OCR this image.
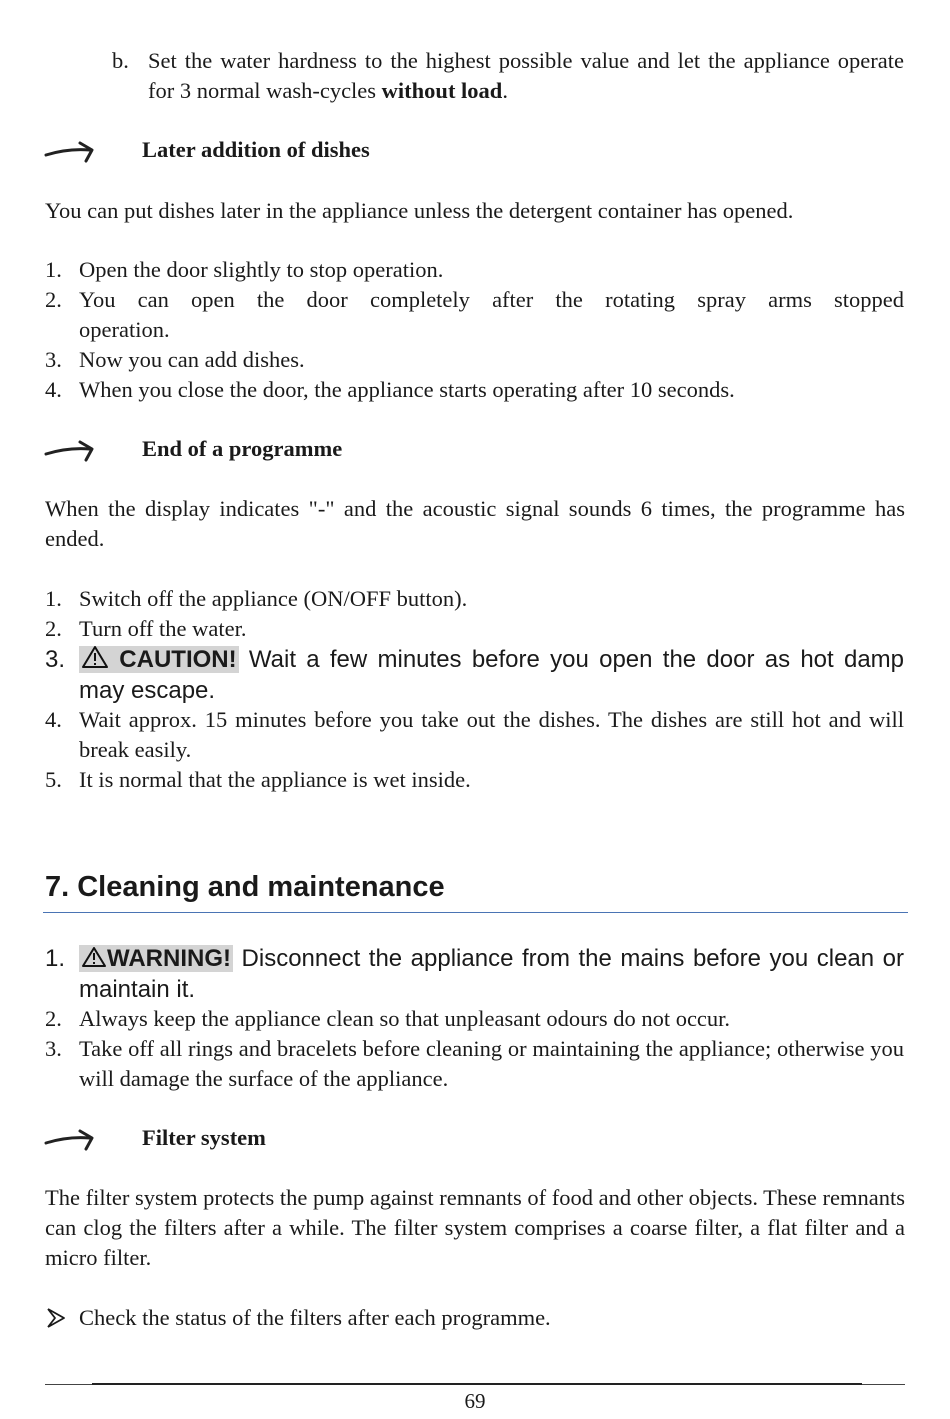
b. Set the water hardness to the highest possible value and let the appliance operate for 3 normal wash-cycles without load.
Later addition of dishes
You can put dishes later in the appliance unless the detergent container has opened.
1. Open the door slightly to stop operation.
2. You can open the door completely after the rotating spray arms stopped operation.
3. Now you can add dishes.
4. When you close the door, the appliance starts operating after 10 seconds.
End of a programme
When the display indicates "-" and the acoustic signal sounds 6 times, the programme has ended.
1. Switch off the appliance (ON/OFF button).
2. Turn off the water.
3.	CAUTION! Wait a few minutes before you open the door as hot damp may escape.
4. Wait approx. 15 minutes before you take out the dishes. The dishes are still hot and will break easily.
5. It is normal that the appliance is wet inside.
7. Cleaning and maintenance
1.	WARNING! Disconnect the appliance from the mains before you clean or maintain it.
2. Always keep the appliance clean so that unpleasant odours do not occur.
3. Take off all rings and bracelets before cleaning or maintaining the appliance; otherwise you will damage the surface of the appliance.
Filter system
The filter system protects the pump against remnants of food and other objects. These remnants can clog the filters after a while. The filter system comprises a coarse filter, a flat filter and a micro filter.
Check the status of the filters after each programme.
69
